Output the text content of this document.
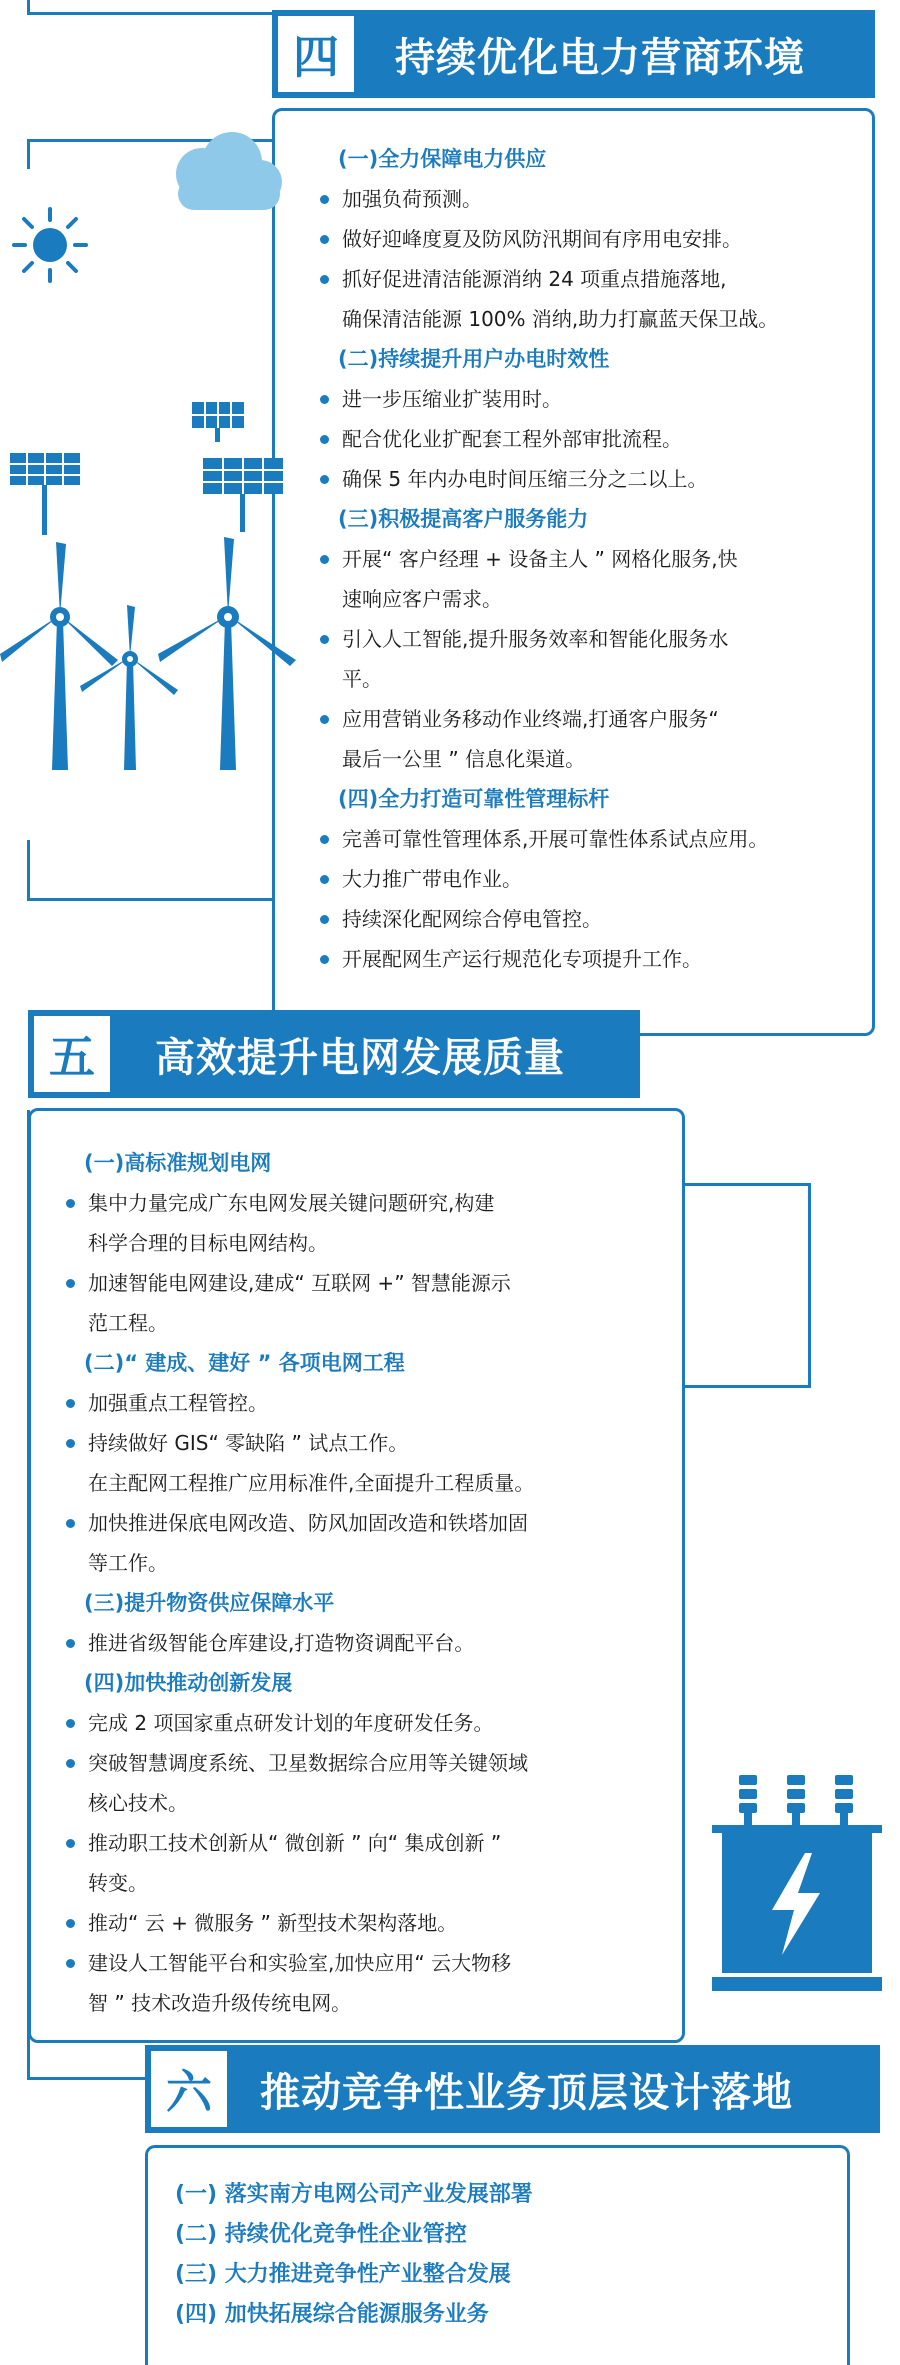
四	持续优化电力营商环境
(一)全力保障电力供应
加强负荷预测。
做好迎峰度夏及防风防汛期间有序用电安排。
抓好促进清洁能源消纳 24 项重点措施落地,
确保清洁能源 100% 消纳,助力打赢蓝天保卫战。
(二)持续提升用户办电时效性
进一步压缩业扩装用时。
配合优化业扩配套工程外部审批流程。
确保 5 年内办电时间压缩三分之二以上。
(三)积极提高客户服务能力
开展“ 客户经理 + 设备主人 ” 网格化服务,快
速响应客户需求。
引入人工智能,提升服务效率和智能化服务水
平。
应用营销业务移动作业终端,打通客户服务“
最后一公里 ” 信息化渠道。
(四)全力打造可靠性管理标杆
完善可靠性管理体系,开展可靠性体系试点应用。
大力推广带电作业。
持续深化配网综合停电管控。
开展配网生产运行规范化专项提升工作。
五	高效提升电网发展质量
(一)高标准规划电网
集中力量完成广东电网发展关键问题研究,构建
科学合理的目标电网结构。
加速智能电网建设,建成“ 互联网 +” 智慧能源示
范工程。
(二)“ 建成、建好 ” 各项电网工程
加强重点工程管控。
持续做好 GIS“ 零缺陷 ” 试点工作。
在主配网工程推广应用标准件,全面提升工程质量。
加快推进保底电网改造、防风加固改造和铁塔加固
等工作。
(三)提升物资供应保障水平
推进省级智能仓库建设,打造物资调配平台。
(四)加快推动创新发展
完成 2 项国家重点研发计划的年度研发任务。
突破智慧调度系统、卫星数据综合应用等关键领域
核心技术。
推动职工技术创新从“ 微创新 ” 向“ 集成创新 ”
转变。
推动“ 云 + 微服务 ” 新型技术架构落地。
建设人工智能平台和实验室,加快应用“ 云大物移
智 ” 技术改造升级传统电网。
六	推动竞争性业务顶层设计落地
(一) 落实南方电网公司产业发展部署
(二) 持续优化竞争性企业管控
(三) 大力推进竞争性产业整合发展
(四) 加快拓展综合能源服务业务
